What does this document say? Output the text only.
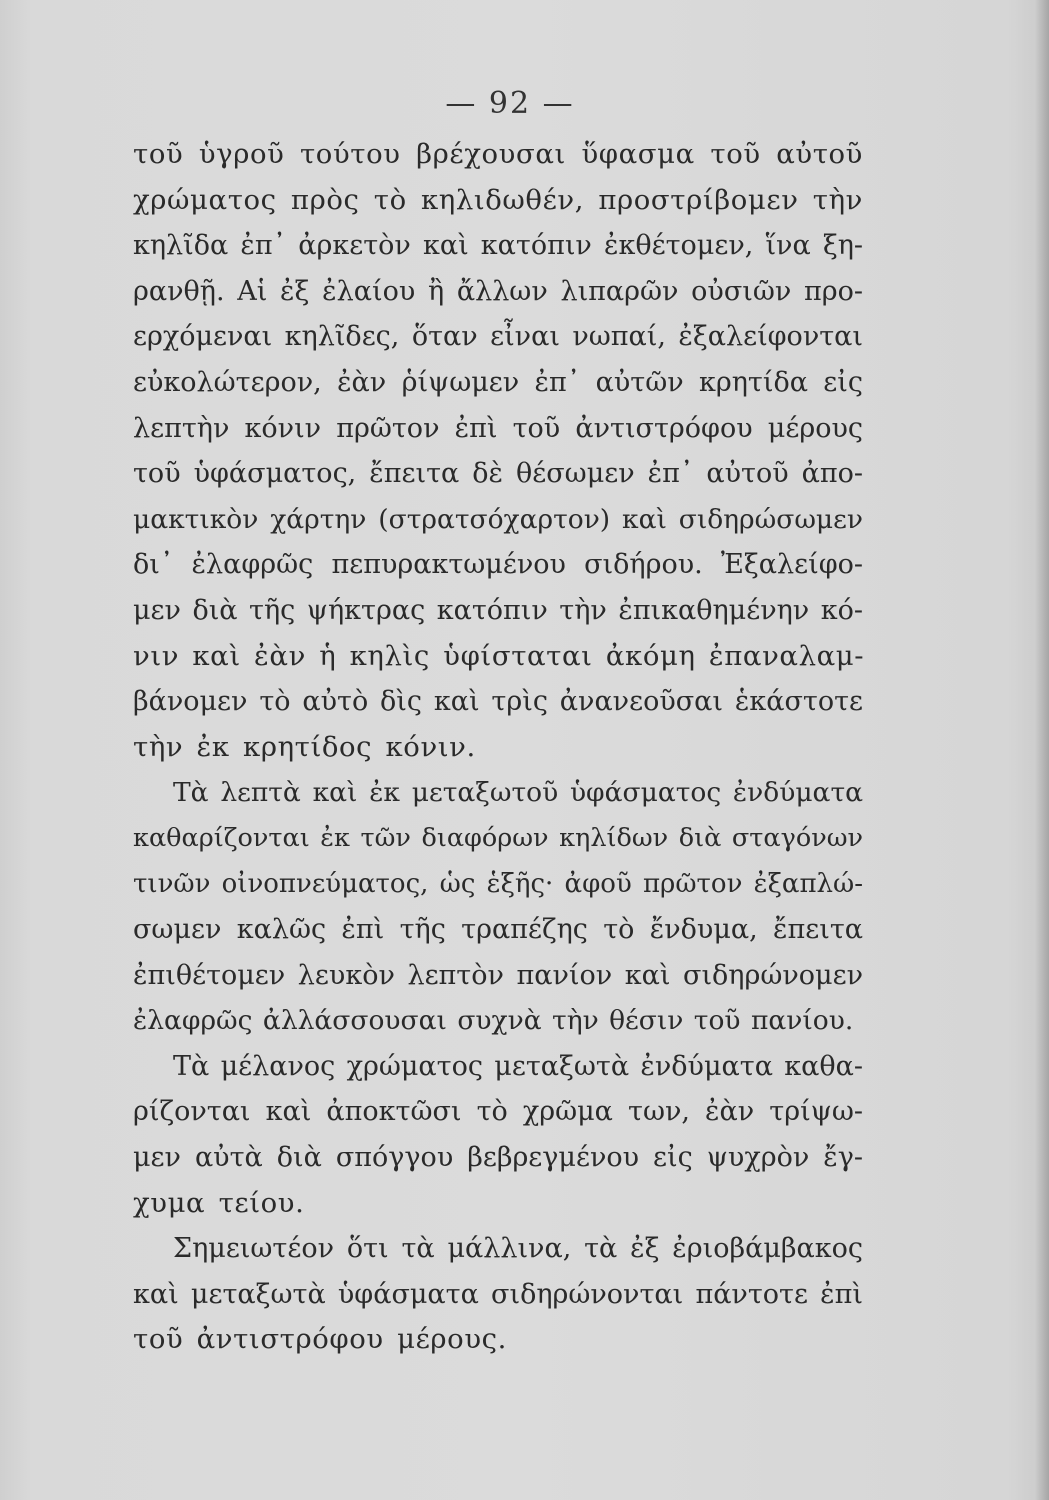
— 92 —
τοῦ ὑγροῦ τούτου βρέχουσαι ὕφασμα τοῦ αὐτοῦ
χρώματος πρὸς τὸ κηλιδωθέν, προστρίβομεν τὴν
κηλῖδα ἐπ᾽ ἀρκετὸν καὶ κατόπιν ἐκθέτομεν, ἵνα ξη-
ρανθῇ. Αἱ ἐξ ἐλαίου ἢ ἄλλων λιπαρῶν οὐσιῶν προ-
ερχόμεναι κηλῖδες, ὅταν εἶναι νωπαί, ἐξαλείφονται
εὐκολώτερον, ἐὰν ῥίψωμεν ἐπ᾽ αὐτῶν κρητίδα εἰς
λεπτὴν κόνιν πρῶτον ἐπὶ τοῦ ἀντιστρόφου μέρους
τοῦ ὑφάσματος, ἔπειτα δὲ θέσωμεν ἐπ᾽ αὐτοῦ ἀπο-
μακτικὸν χάρτην (στρατσόχαρτον) καὶ σιδηρώσωμεν
δι᾽ ἐλαφρῶς πεπυρακτωμένου σιδήρου. Ἐξαλείφο-
μεν διὰ τῆς ψήκτρας κατόπιν τὴν ἐπικαθημένην κό-
νιν καὶ ἐὰν ἡ κηλὶς ὑφίσταται ἀκόμη ἐπαναλαμ-
βάνομεν τὸ αὐτὸ δὶς καὶ τρὶς ἀνανεοῦσαι ἑκάστοτε
τὴν ἐκ κρητίδος κόνιν.
Τὰ λεπτὰ καὶ ἐκ μεταξωτοῦ ὑφάσματος ἐνδύματα
καθαρίζονται ἐκ τῶν διαφόρων κηλίδων διὰ σταγόνων
τινῶν οἰνοπνεύματος, ὡς ἑξῆς· ἀφοῦ πρῶτον ἐξαπλώ-
σωμεν καλῶς ἐπὶ τῆς τραπέζης τὸ ἔνδυμα, ἔπειτα
ἐπιθέτομεν λευκὸν λεπτὸν πανίον καὶ σιδηρώνομεν
ἐλαφρῶς ἀλλάσσουσαι συχνὰ τὴν θέσιν τοῦ πανίου.
Τὰ μέλανος χρώματος μεταξωτὰ ἐνδύματα καθα-
ρίζονται καὶ ἀποκτῶσι τὸ χρῶμα των, ἐὰν τρίψω-
μεν αὐτὰ διὰ σπόγγου βεβρεγμένου εἰς ψυχρὸν ἔγ-
χυμα τείου.
Σημειωτέον ὅτι τὰ μάλλινα, τὰ ἐξ ἐριοβάμβακος
καὶ μεταξωτὰ ὑφάσματα σιδηρώνονται πάντοτε ἐπὶ
τοῦ ἀντιστρόφου μέρους.
